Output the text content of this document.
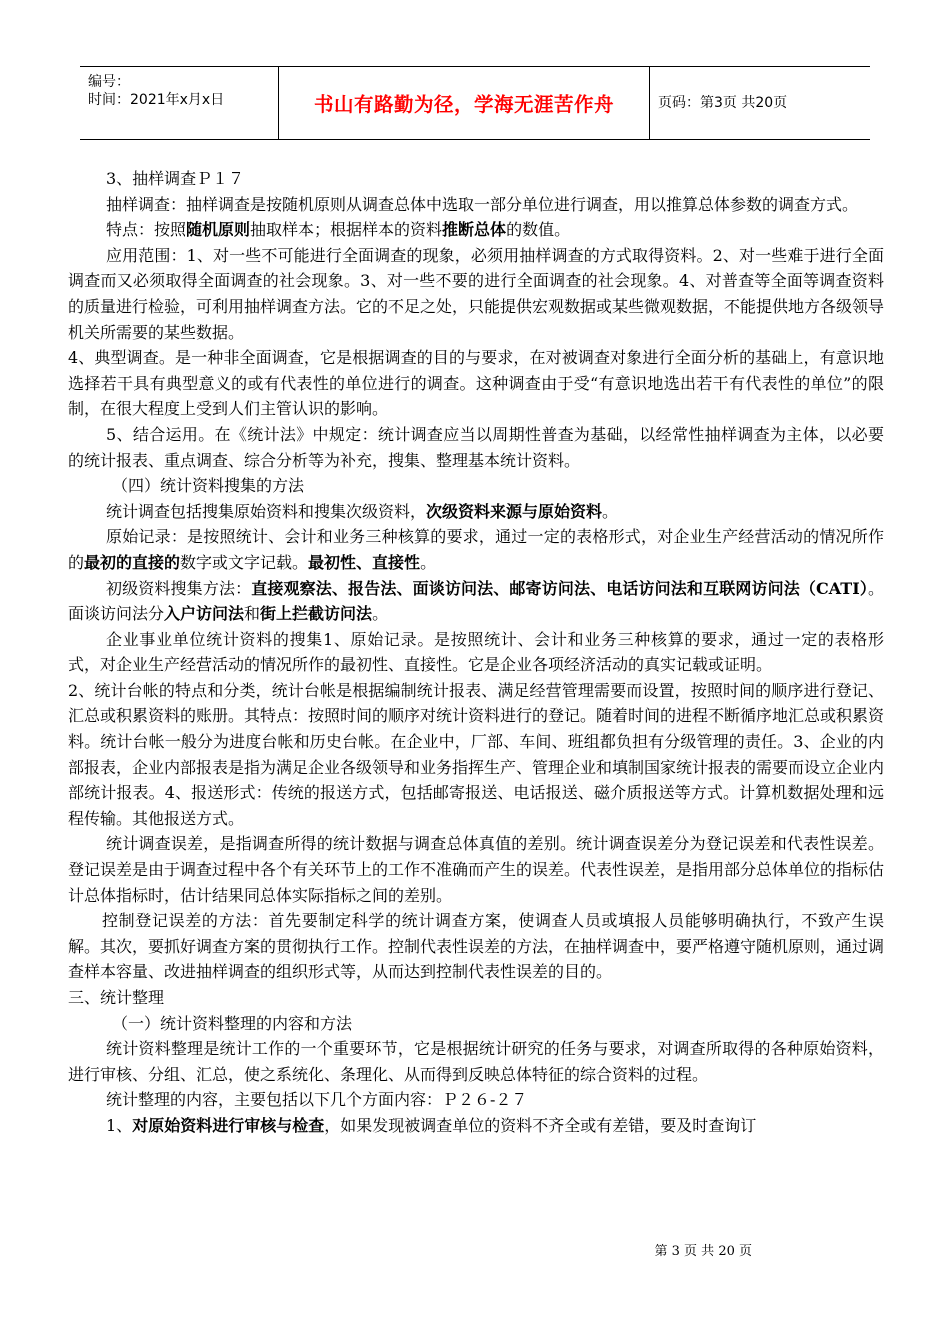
编号：
时间：2021年x月x日	书山有路勤为径，学海无涯苦作舟	页码：第3页 共20页

3、抽样调查Ｐ１７

抽样调查：抽样调查是按随机原则从调查总体中选取一部分单位进行调查，用以推算总体参数的调查方式。

特点：按照随机原则抽取样本；根据样本的资料推断总体的数值。

应用范围：1、对一些不可能进行全面调查的现象，必须用抽样调查的方式取得资料。2、对一些难于进行全面调查而又必须取得全面调查的社会现象。3、对一些不要的进行全面调查的社会现象。4、对普查等全面等调查资料的质量进行检验，可利用抽样调查方法。它的不足之处，只能提供宏观数据或某些微观数据，不能提供地方各级领导机关所需要的某些数据。

4、典型调查。是一种非全面调查，它是根据调查的目的与要求，在对被调查对象进行全面分析的基础上，有意识地选择若干具有典型意义的或有代表性的单位进行的调查。这种调查由于受“有意识地选出若干有代表性的单位”的限制，在很大程度上受到人们主管认识的影响。

5、结合运用。在《统计法》中规定：统计调查应当以周期性普查为基础，以经常性抽样调查为主体，以必要的统计报表、重点调查、综合分析等为补充，搜集、整理基本统计资料。

（四）统计资料搜集的方法

统计调查包括搜集原始资料和搜集次级资料，次级资料来源与原始资料。

原始记录：是按照统计、会计和业务三种核算的要求，通过一定的表格形式，对企业生产经营活动的情况所作的最初的直接的数字或文字记载。最初性、直接性。

初级资料搜集方法：直接观察法、报告法、面谈访问法、邮寄访问法、电话访问法和互联网访问法（CATI）。面谈访问法分入户访问法和街上拦截访问法。

企业事业单位统计资料的搜集1、原始记录。是按照统计、会计和业务三种核算的要求，通过一定的表格形式，对企业生产经营活动的情况所作的最初性、直接性。它是企业各项经济活动的真实记载或证明。

2、统计台帐的特点和分类，统计台帐是根据编制统计报表、满足经营管理需要而设置，按照时间的顺序进行登记、汇总或积累资料的账册。其特点：按照时间的顺序对统计资料进行的登记。随着时间的进程不断循序地汇总或积累资料。统计台帐一般分为进度台帐和历史台帐。在企业中，厂部、车间、班组都负担有分级管理的责任。3、企业的内部报表，企业内部报表是指为满足企业各级领导和业务指挥生产、管理企业和填制国家统计报表的需要而设立企业内部统计报表。4、报送形式：传统的报送方式，包括邮寄报送、电话报送、磁介质报送等方式。计算机数据处理和远程传输。其他报送方式。

统计调查误差，是指调查所得的统计数据与调查总体真值的差别。统计调查误差分为登记误差和代表性误差。登记误差是由于调查过程中各个有关环节上的工作不准确而产生的误差。代表性误差，是指用部分总体单位的指标估计总体指标时，估计结果同总体实际指标之间的差别。

控制登记误差的方法：首先要制定科学的统计调查方案，使调查人员或填报人员能够明确执行，不致产生误解。其次，要抓好调查方案的贯彻执行工作。控制代表性误差的方法，在抽样调查中，要严格遵守随机原则，通过调查样本容量、改进抽样调查的组织形式等，从而达到控制代表性误差的目的。

三、统计整理

（一）统计资料整理的内容和方法

统计资料整理是统计工作的一个重要环节，它是根据统计研究的任务与要求，对调查所取得的各种原始资料，进行审核、分组、汇总，使之系统化、条理化、从而得到反映总体特征的综合资料的过程。

统计整理的内容，主要包括以下几个方面内容：Ｐ２６-２７

1、对原始资料进行审核与检查，如果发现被调查单位的资料不齐全或有差错，要及时查询订

第 3 页 共 20 页
